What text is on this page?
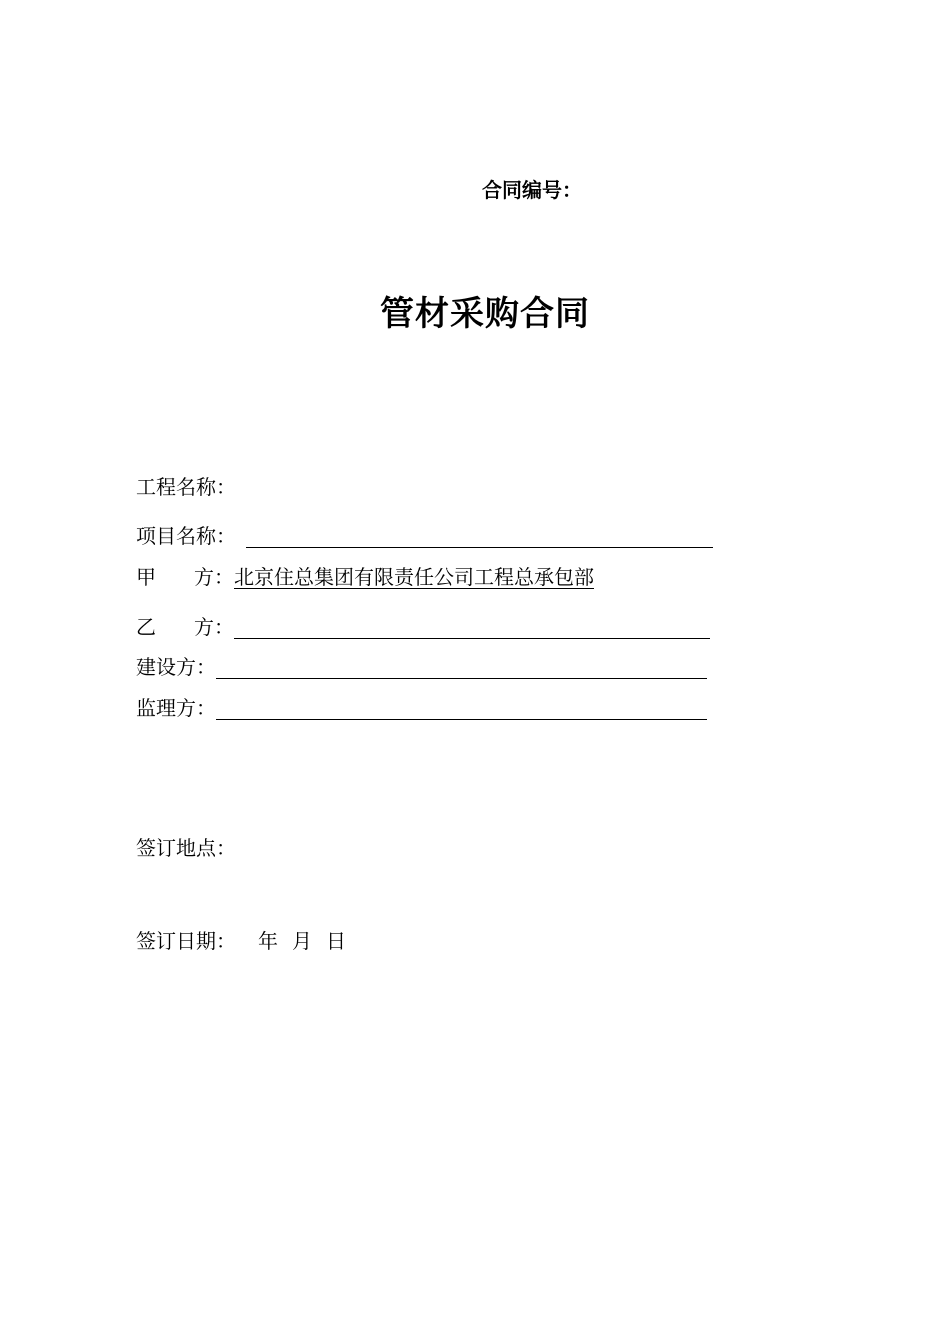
合同编号：
管材采购合同
工程名称：
项目名称：
甲 方： 北京住总集团有限责任公司工程总承包部
乙 方：
建设方：
监理方：
签订地点：
签订日期： 年 月 日
